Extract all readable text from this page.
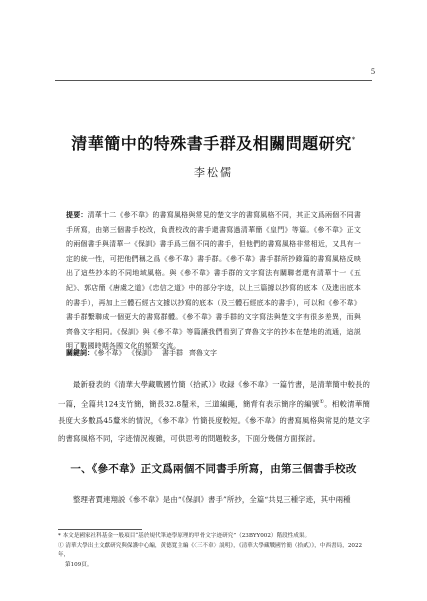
5
清華簡中的特殊書手群及相關問題研究*
李松儒
提要：清華十二《參不韋》的書寫風格與常見的楚文字的書寫風格不同，其正文爲兩個不同書手所寫，由第三個書手校改，負責校改的書手還書寫過清華簡《皇門》等篇。《參不韋》正文的兩個書手與清華一《保訓》書手爲三個不同的書手，但他們的書寫風格非常相近，又具有一定的統一性，可把他們稱之爲《參不韋》書手群。《參不韋》書手群所抄錄篇的書寫風格反映出了這些抄本的不同地域風格。與《參不韋》書手群的文字寫法有關聯者還有清華十一《五紀》、郭店簡《唐虞之道》《忠信之道》中的部分字迹，以上三篇據以抄寫的底本（及進出底本的書手），再加上三體石經古文據以抄寫的底本（及三體石經底本的書手），可以和《參不韋》書手群繫聯成一個更大的書寫群體。《參不韋》書手群的文字寫法與楚文字有很多差異，而與齊魯文字相同。《保訓》與《參不韋》等篇讓我們看到了齊魯文字的抄本在楚地的流通，這説明了戰國時期各國文化的頻繁交流。
關鍵詞：《參不韋》 《保訓》 書手群 齊魯文字

最新發表的《清華大學藏戰國竹簡（拾貳）》收録《參不韋》一篇竹書，是清華簡中較長的一篇，全篇共124支竹簡，簡長32.8釐米，三道編繩，簡背有表示簡序的編號①。相較清華簡長度大多數爲45釐米的情況，《參不韋》竹簡長度較短。《參不韋》的書寫風格與常見的楚文字的書寫風格不同，字迹情況複雜，可供思考的問題較多，下面分幾個方面探討。

一、《參不韋》正文爲兩個不同書手所寫，由第三個書手校改

整理者賈連翔説《參不韋》是由“《保訓》書手”所抄，全篇“共見三種字迹，其中兩種

* 本文是國家社科基金一般項目“基於規代筆迹學原理的甲骨文字迹研究”（23BYY002）階段性成果。

① 清華大學出土文獻研究與保護中心編，黄德寬主編《〈三不韋〉説明》，《清華大學藏戰國竹簡（拾貳）》，中西書局，2022年，

第109頁。
